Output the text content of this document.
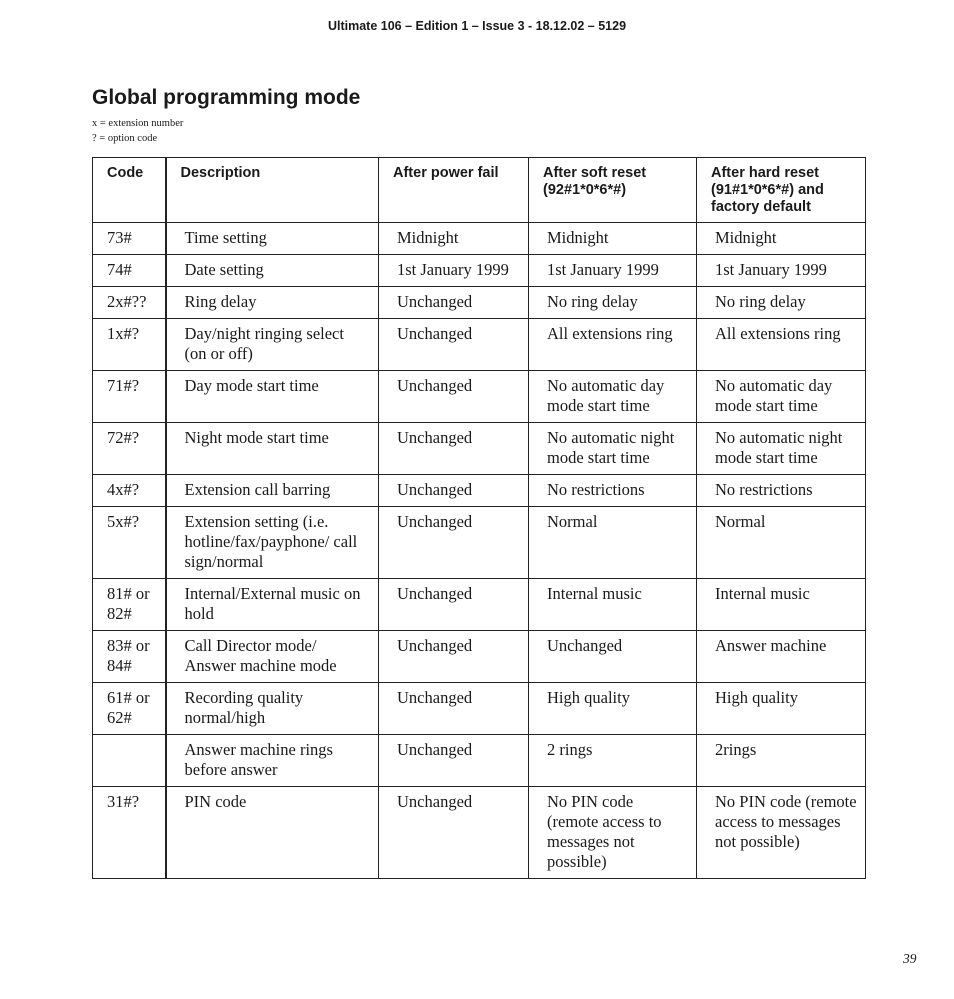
Ultimate 106 – Edition 1 – Issue 3 - 18.12.02 – 5129
Global programming mode
x = extension number
? = option code
Code	Description	After power fail	After soft reset (92#1*0*6*#)	After hard reset (91#1*0*6*#) and factory default
73#	Time setting	Midnight	Midnight	Midnight
74#	Date setting	1st January 1999	1st January 1999	1st January 1999
2x#??	Ring delay	Unchanged	No ring delay	No ring delay
1x#?	Day/night ringing select (on or off)	Unchanged	All extensions ring	All extensions ring
71#?	Day mode start time	Unchanged	No automatic day mode start time	No automatic day mode start time
72#?	Night mode start time	Unchanged	No automatic night mode start time	No automatic night mode start time
4x#?	Extension call barring	Unchanged	No restrictions	No restrictions
5x#?	Extension setting (i.e. hotline/fax/payphone/ call sign/normal	Unchanged	Normal	Normal
81# or 82#	Internal/External music on hold	Unchanged	Internal music	Internal music
83# or 84#	Call Director mode/ Answer machine mode	Unchanged	Unchanged	Answer machine
61# or 62#	Recording quality normal/high	Unchanged	High quality	High quality
	Answer machine rings before answer	Unchanged	2 rings	2rings
31#?	PIN code	Unchanged	No PIN code (remote access to messages not possible)	No PIN code (remote access to messages not possible)
39
